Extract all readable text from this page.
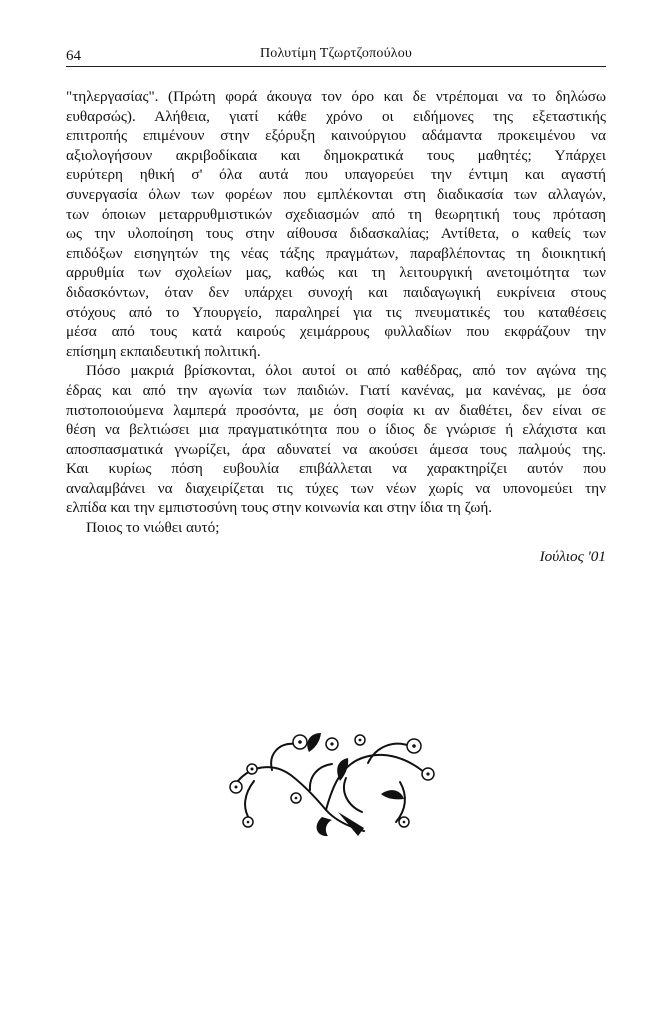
64	Πολυτίμη Τζωρτζοπούλου
"τηλεργασίας". (Πρώτη φορά άκουγα τον όρο και δε ντρέπομαι να το δηλώσω
ευθαρσώς). Αλήθεια, γιατί κάθε χρόνο οι ειδήμονες της εξεταστικής
επιτροπής επιμένουν στην εξόρυξη καινούργιου αδάμαντα προκειμένου να
αξιολογήσουν ακριβοδίκαια και δημοκρατικά τους μαθητές; Υπάρχει
ευρύτερη ηθική σ' όλα αυτά που υπαγορεύει την έντιμη και αγαστή
συνεργασία όλων των φορέων που εμπλέκονται στη διαδικασία των αλλαγών,
των όποιων μεταρρυθμιστικών σχεδιασμών από τη θεωρητική τους πρόταση
ως την υλοποίηση τους στην αίθουσα διδασκαλίας; Αντίθετα, ο καθείς των
επιδόξων εισηγητών της νέας τάξης πραγμάτων, παραβλέποντας τη διοικητική
αρρυθμία των σχολείων μας, καθώς και τη λειτουργική ανετοιμότητα των
διδασκόντων, όταν δεν υπάρχει συνοχή και παιδαγωγική ευκρίνεια στους
στόχους από το Υπουργείο, παραληρεί για τις πνευματικές του καταθέσεις
μέσα από τους κατά καιρούς χειμάρρους φυλλαδίων που εκφράζουν την
επίσημη εκπαιδευτική πολιτική.
Πόσο μακριά βρίσκονται, όλοι αυτοί οι από καθέδρας, από τον αγώνα της
έδρας και από την αγωνία των παιδιών. Γιατί κανένας, μα κανένας, με όσα
πιστοποιούμενα λαμπερά προσόντα, με όση σοφία κι αν διαθέτει, δεν είναι σε
θέση να βελτιώσει μια πραγματικότητα που ο ίδιος δε γνώρισε ή ελάχιστα και
αποσπασματικά γνωρίζει, άρα αδυνατεί να ακούσει άμεσα τους παλμούς της.
Και κυρίως πόση ευβουλία επιβάλλεται να χαρακτηρίζει αυτόν που
αναλαμβάνει να διαχειρίζεται τις τύχες των νέων χωρίς να υπονομεύει την
ελπίδα και την εμπιστοσύνη τους στην κοινωνία και στην ίδια τη ζωή.
Ποιος το νιώθει αυτό;
Ιούλιος '01
